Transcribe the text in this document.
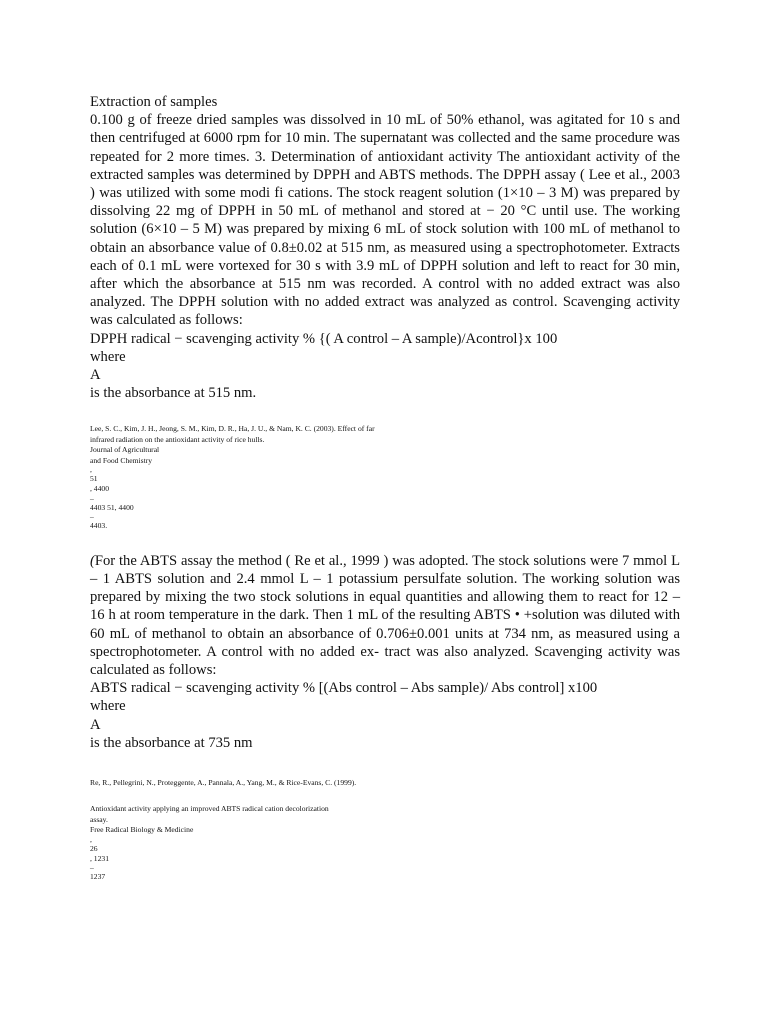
Extraction of samples

0.100 g of freeze dried samples was dissolved in 10 mL of 50% ethanol, was agitated for 10 s and then centrifuged at 6000 rpm for 10 min. The supernatant was collected and the same procedure was repeated for 2 more times. 3. Determination of antioxidant activity The antioxidant activity of the extracted samples was determined by DPPH and ABTS methods. The DPPH assay ( Lee et al., 2003 ) was utilized with some modi fi cations. The stock reagent solution (1×10 – 3 M) was prepared by dissolving 22 mg of DPPH in 50 mL of methanol and stored at − 20 °C until use. The working solution (6×10 – 5 M) was prepared by mixing 6 mL of stock solution with 100 mL of methanol to obtain an absorbance value of 0.8±0.02 at 515 nm, as measured using a spectrophotometer. Extracts each of 0.1 mL were vortexed for 30 s with 3.9 mL of DPPH solution and left to react for 30 min, after which the absorbance at 515 nm was recorded. A control with no added extract was also analyzed. The DPPH solution with no added extract was analyzed as control. Scavenging activity was calculated as follows:

DPPH radical − scavenging activity % {( A control – A sample)/Acontrol}x 100

where

A

is the absorbance at 515 nm.

Lee, S. C., Kim, J. H., Jeong, S. M., Kim, D. R., Ha, J. U., & Nam, K. C. (2003). Effect of far
infrared radiation on the antioxidant activity of rice hulls.
Journal of Agricultural
and Food Chemistry
,
51
, 4400
–
4403 51, 4400
–
4403.

(For the ABTS assay the method ( Re et al., 1999 ) was adopted. The stock solutions were 7 mmol L – 1 ABTS solution and 2.4 mmol L – 1 potassium persulfate solution. The working solution was prepared by mixing the two stock solutions in equal quantities and allowing them to react for 12 – 16 h at room temperature in the dark. Then 1 mL of the resulting ABTS • +solution was diluted with 60 mL of methanol to obtain an absorbance of 0.706±0.001 units at 734 nm, as measured using a spectrophotometer. A control with no added ex- tract was also analyzed. Scavenging activity was calculated as follows:

ABTS radical − scavenging activity % [(Abs control – Abs sample)/ Abs control] x100

where

A

is the absorbance at 735 nm

Re, R., Pellegrini, N., Proteggente, A., Pannala, A., Yang, M., & Rice-Evans, C. (1999).
Antioxidant activity applying an improved ABTS radical cation decolorization
assay.
Free Radical Biology & Medicine
,
26
, 1231
–
1237
